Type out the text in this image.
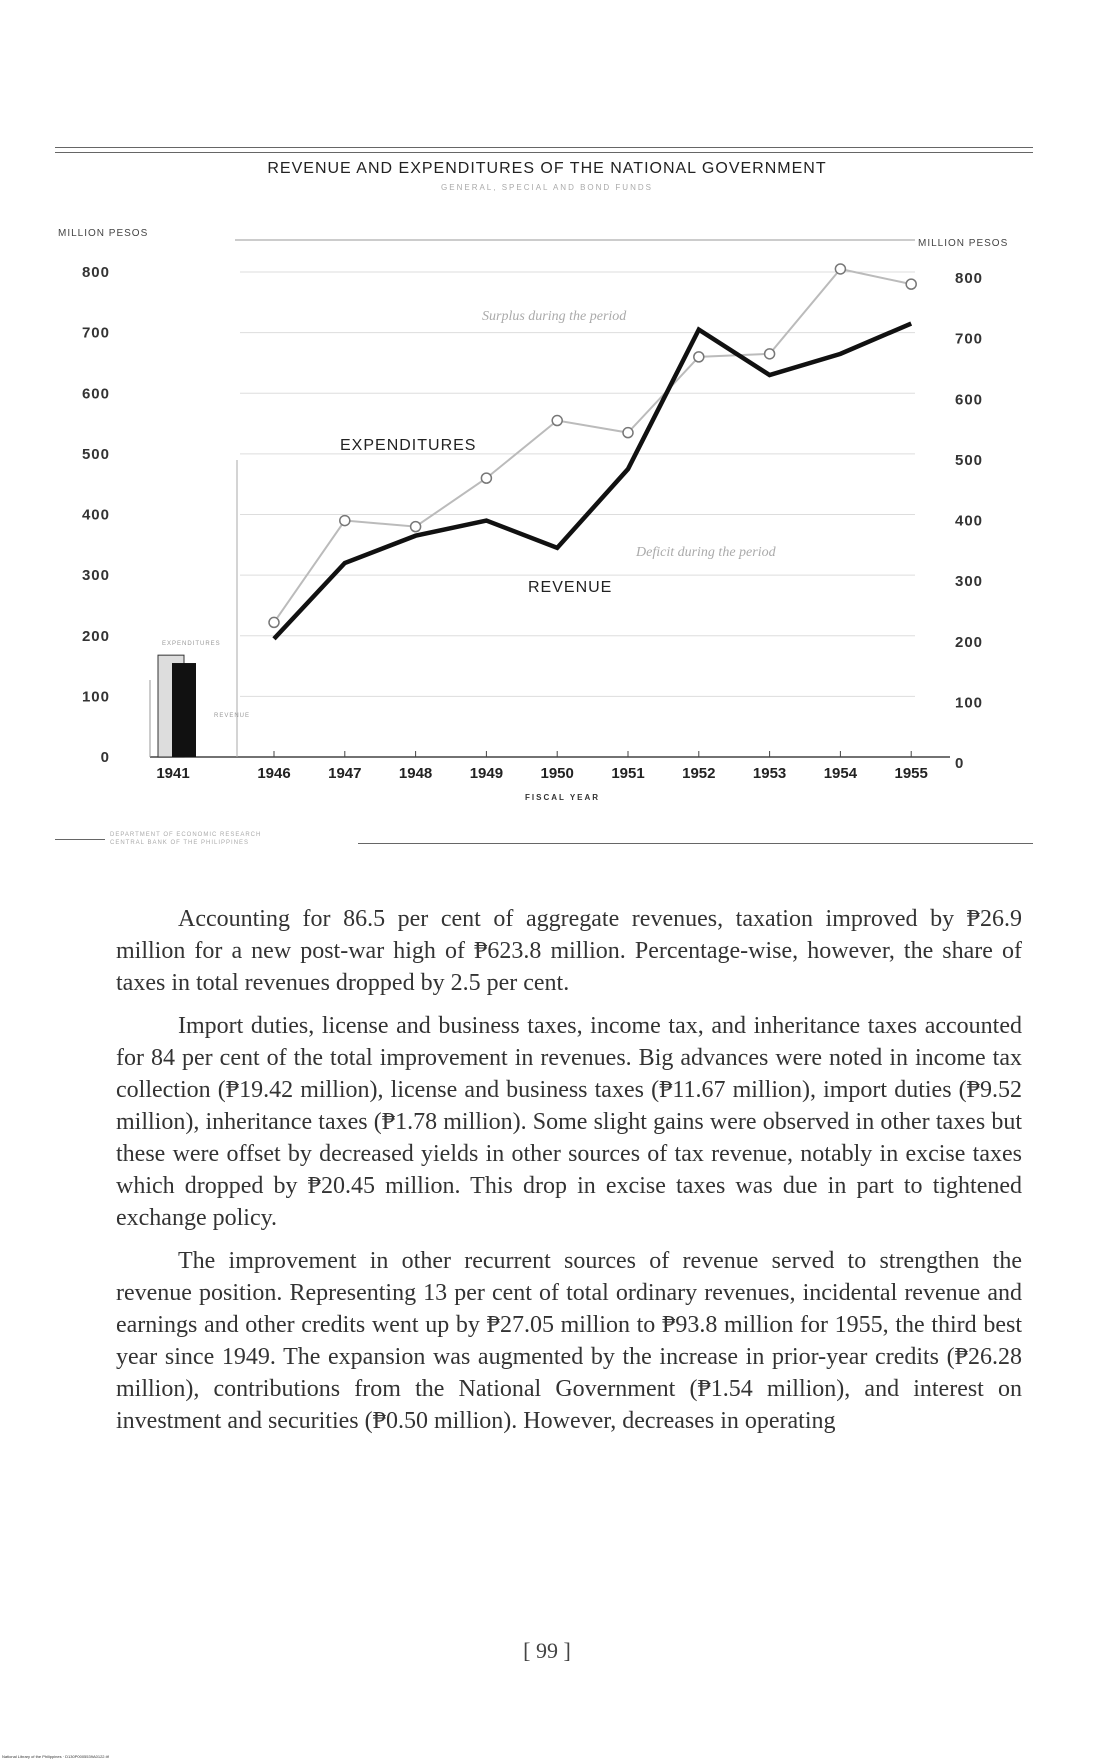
REVENUE AND EXPENDITURES OF THE NATIONAL GOVERNMENT
GENERAL, SPECIAL AND BOND FUNDS
MILLION PESOS
MILLION PESOS
0	0
100	100
200	200
300	300
400	400
500	500
600	600
700	700
800	800
1946 1947 1948 1949 1950 1951 1952 1953 1954 1955
1941
EXPENDITURES
REVENUE
EXPENDITURES
REVENUE
Surplus during the period
Deficit during the period
FISCAL YEAR
DEPARTMENT OF ECONOMIC RESEARCH
CENTRAL BANK OF THE PHILIPPINES

Accounting for 86.5 per cent of aggregate revenues, taxation improved by ₱26.9 million for a new post-war high of ₱623.8 million. Percentage-wise, however, the share of taxes in total revenues dropped by 2.5 per cent.

Import duties, license and business taxes, income tax, and inheritance taxes accounted for 84 per cent of the total improvement in revenues. Big advances were noted in income tax collection (₱19.42 million), license and business taxes (₱11.67 million), import duties (₱9.52 million), inheritance taxes (₱1.78 million). Some slight gains were observed in other taxes but these were offset by decreased yields in other sources of tax revenue, notably in excise taxes which dropped by ₱20.45 million. This drop in excise taxes was due in part to tightened exchange policy.

The improvement in other recurrent sources of revenue served to strengthen the revenue position. Representing 13 per cent of total ordinary revenues, incidental revenue and earnings and other credits went up by ₱27.05 million to ₱93.8 million for 1955, the third best year since 1949. The expansion was augmented by the increase in prior-year credits (₱26.28 million), contributions from the National Government (₱1.54 million), and interest on investment and securities (₱0.50 million). However, decreases in operating

[ 99 ]
National Library of the Philippines · D130P0005539A0122.tif
